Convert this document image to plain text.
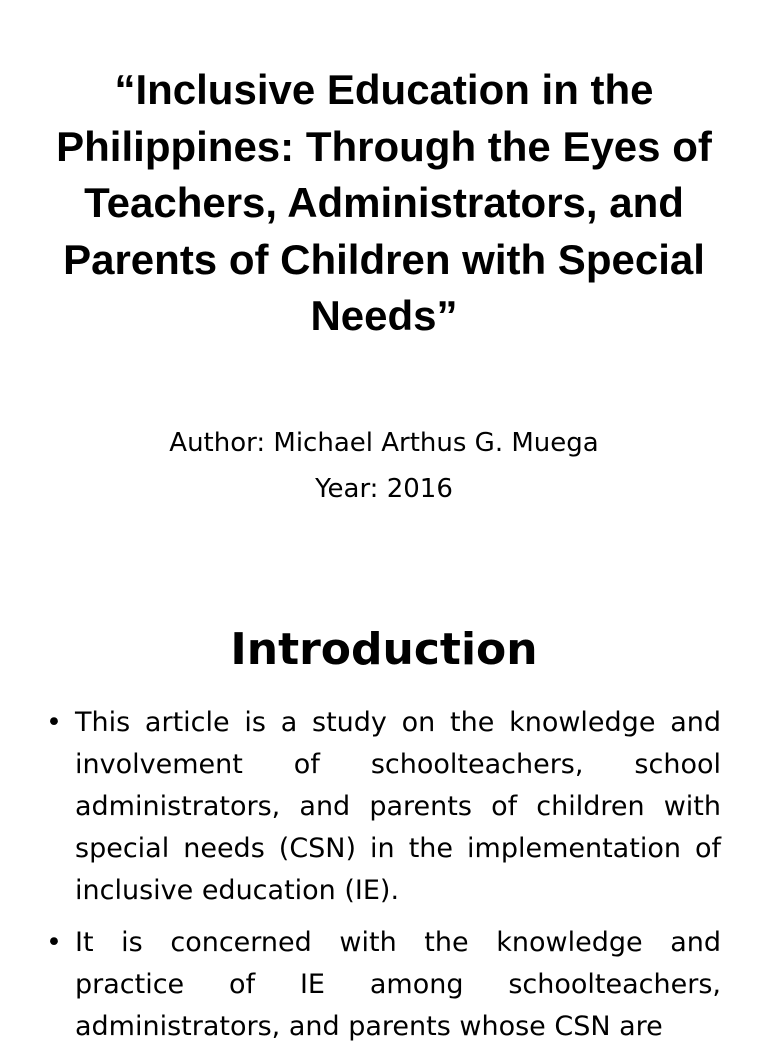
“Inclusive Education in the Philippines: Through the Eyes of Teachers, Administrators, and Parents of Children with Special Needs”
Author: Michael Arthus G. Muega
Year: 2016
Introduction
• This article is a study on the knowledge and involvement of schoolteachers, school administrators, and parents of children with special needs (CSN) in the implementation of inclusive education (IE).
• It is concerned with the knowledge and practice of IE among schoolteachers, administrators, and parents whose CSN are
